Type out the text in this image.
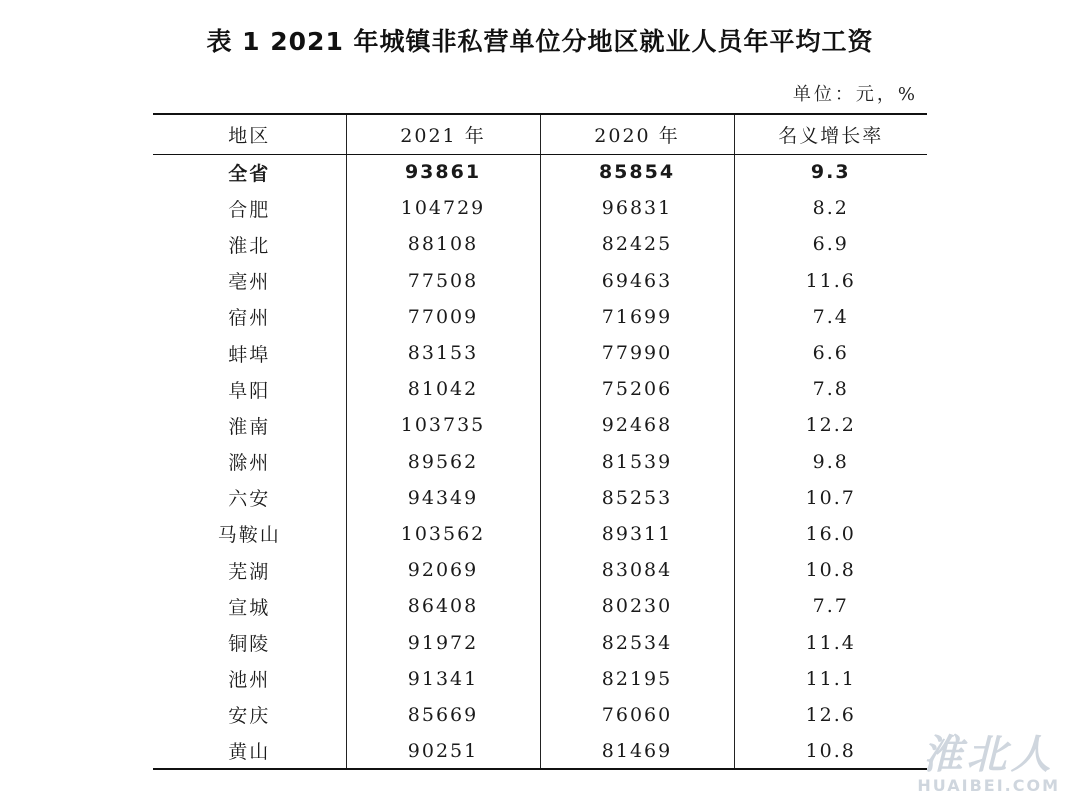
表 1 2021 年城镇非私营单位分地区就业人员年平均工资
单位：元，%
地区	2021 年	2020 年	名义增长率
全省	93861	85854	9.3
合肥	104729	96831	8.2
淮北	88108	82425	6.9
亳州	77508	69463	11.6
宿州	77009	71699	7.4
蚌埠	83153	77990	6.6
阜阳	81042	75206	7.8
淮南	103735	92468	12.2
滁州	89562	81539	9.8
六安	94349	85253	10.7
马鞍山	103562	89311	16.0
芜湖	92069	83084	10.8
宣城	86408	80230	7.7
铜陵	91972	82534	11.4
池州	91341	82195	11.1
安庆	85669	76060	12.6
黄山	90251	81469	10.8 淮北人
HUAIBEI.COM
